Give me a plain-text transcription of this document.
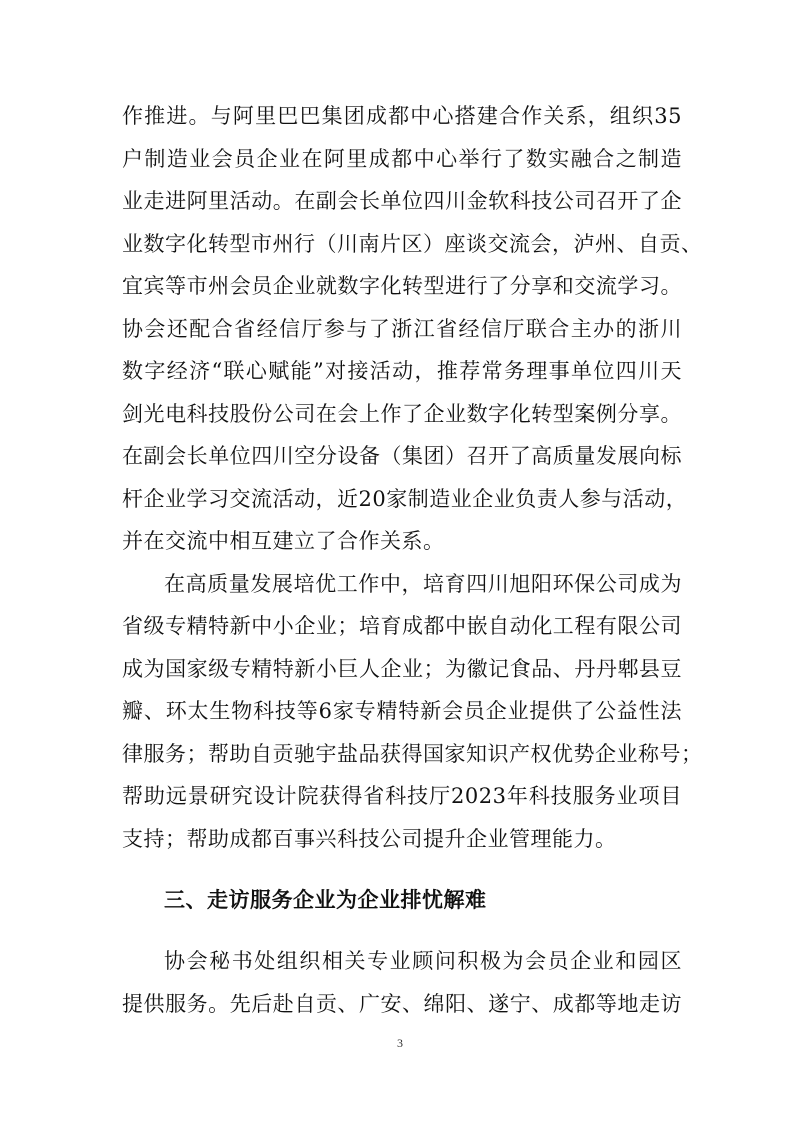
作推进。与阿里巴巴集团成都中心搭建合作关系，组织35
户制造业会员企业在阿里成都中心举行了数实融合之制造
业走进阿里活动。在副会长单位四川金软科技公司召开了企
业数字化转型市州行（川南片区）座谈交流会，泸州、自贡、
宜宾等市州会员企业就数字化转型进行了分享和交流学习。
协会还配合省经信厅参与了浙江省经信厅联合主办的浙川
数字经济“联心赋能”对接活动，推荐常务理事单位四川天
剑光电科技股份公司在会上作了企业数字化转型案例分享。
在副会长单位四川空分设备（集团）召开了高质量发展向标
杆企业学习交流活动，近20家制造业企业负责人参与活动，
并在交流中相互建立了合作关系。
在高质量发展培优工作中，培育四川旭阳环保公司成为
省级专精特新中小企业；培育成都中嵌自动化工程有限公司
成为国家级专精特新小巨人企业；为徽记食品、丹丹郫县豆
瓣、环太生物科技等6家专精特新会员企业提供了公益性法
律服务；帮助自贡驰宇盐品获得国家知识产权优势企业称号；
帮助远景研究设计院获得省科技厅2023年科技服务业项目
支持；帮助成都百事兴科技公司提升企业管理能力。
三、走访服务企业为企业排忧解难
协会秘书处组织相关专业顾问积极为会员企业和园区
提供服务。先后赴自贡、广安、绵阳、遂宁、成都等地走访
3
